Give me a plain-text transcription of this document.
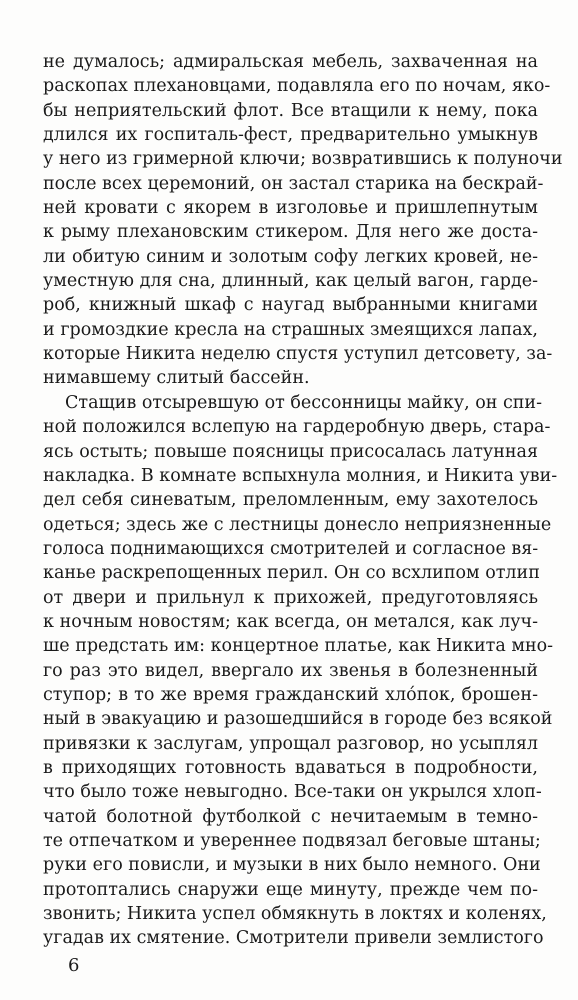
не думалось; адмиральская мебель, захваченная на
раскопах плехановцами, подавляла его по ночам, яко-
бы неприятельский флот. Все втащили к нему, пока
длился их госпиталь-фест, предварительно умыкнув
у него из гримерной ключи; возвратившись к полуночи
после всех церемоний, он застал старика на бескрай-
ней кровати с якорем в изголовье и пришлепнутым
к рыму плехановским стикером. Для него же доста-
ли обитую синим и золотым софу легких кровей, не-
уместную для сна, длинный, как целый вагон, гарде-
роб, книжный шкаф с наугад выбранными книгами
и громоздкие кресла на страшных змеящихся лапах,
которые Никита неделю спустя уступил детсовету, за-
нимавшему слитый бассейн.
Стащив отсыревшую от бессонницы майку, он спи-
ной положился вслепую на гардеробную дверь, стара-
ясь остыть; повыше поясницы присосалась латунная
накладка. В комнате вспыхнула молния, и Никита уви-
дел себя синеватым, преломленным, ему захотелось
одеться; здесь же с лестницы донесло неприязненные
голоса поднимающихся смотрителей и согласное вя-
канье раскрепощенных перил. Он со всхлипом отлип
от двери и прильнул к прихожей, предуготовляясь
к ночным новостям; как всегда, он метался, как луч-
ше предстать им: концертное платье, как Никита мно-
го раз это видел, ввергало их звенья в болезненный
ступор; в то же время гражданский хло́пок, брошен-
ный в эвакуацию и разошедшийся в городе без всякой
привязки к заслугам, упрощал разговор, но усыплял
в приходящих готовность вдаваться в подробности,
что было тоже невыгодно. Все-таки он укрылся хлоп-
чатой болотной футболкой с нечитаемым в темно-
те отпечатком и увереннее подвязал беговые штаны;
руки его повисли, и музыки в них было немного. Они
протоптались снаружи еще минуту, прежде чем по-
звонить; Никита успел обмякнуть в локтях и коленях,
угадав их смятение. Смотрители привели землистого
6
